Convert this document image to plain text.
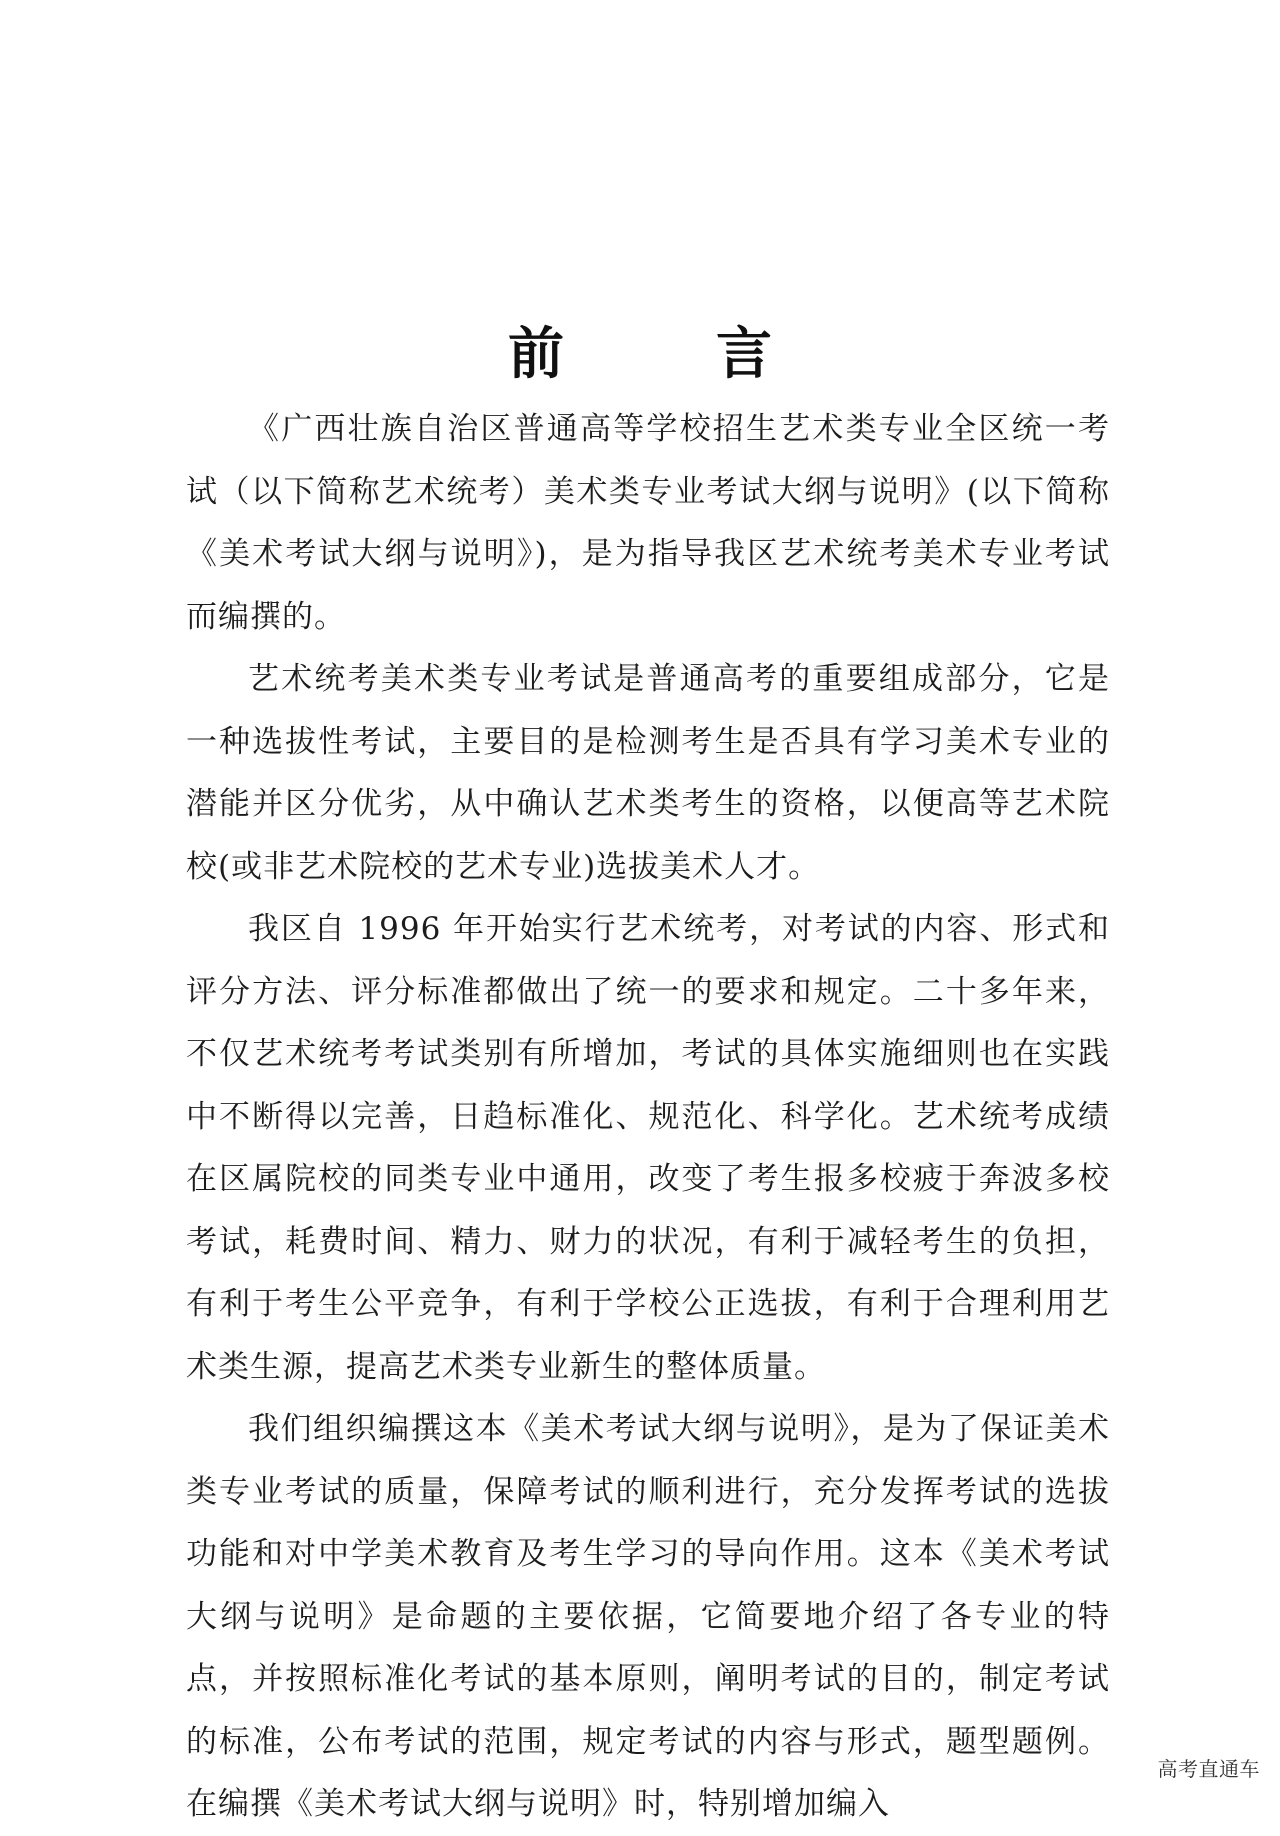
前　言

《广西壮族自治区普通高等学校招生艺术类专业全区统一考试（以下简称艺术统考）美术类专业考试大纲与说明》(以下简称《美术考试大纲与说明》)，是为指导我区艺术统考美术专业考试而编撰的。

艺术统考美术类专业考试是普通高考的重要组成部分，它是一种选拔性考试，主要目的是检测考生是否具有学习美术专业的潜能并区分优劣，从中确认艺术类考生的资格，以便高等艺术院校(或非艺术院校的艺术专业)选拔美术人才。

我区自 1996 年开始实行艺术统考，对考试的内容、形式和评分方法、评分标准都做出了统一的要求和规定。二十多年来，不仅艺术统考考试类别有所增加，考试的具体实施细则也在实践中不断得以完善，日趋标准化、规范化、科学化。艺术统考成绩在区属院校的同类专业中通用，改变了考生报多校疲于奔波多校考试，耗费时间、精力、财力的状况，有利于减轻考生的负担，有利于考生公平竞争，有利于学校公正选拔，有利于合理利用艺术类生源，提高艺术类专业新生的整体质量。

我们组织编撰这本《美术考试大纲与说明》，是为了保证美术类专业考试的质量，保障考试的顺利进行，充分发挥考试的选拔功能和对中学美术教育及考生学习的导向作用。这本《美术考试大纲与说明》是命题的主要依据，它简要地介绍了各专业的特点，并按照标准化考试的基本原则，阐明考试的目的，制定考试的标准，公布考试的范围，规定考试的内容与形式，题型题例。在编撰《美术考试大纲与说明》时，特别增加编入

高考直通车
